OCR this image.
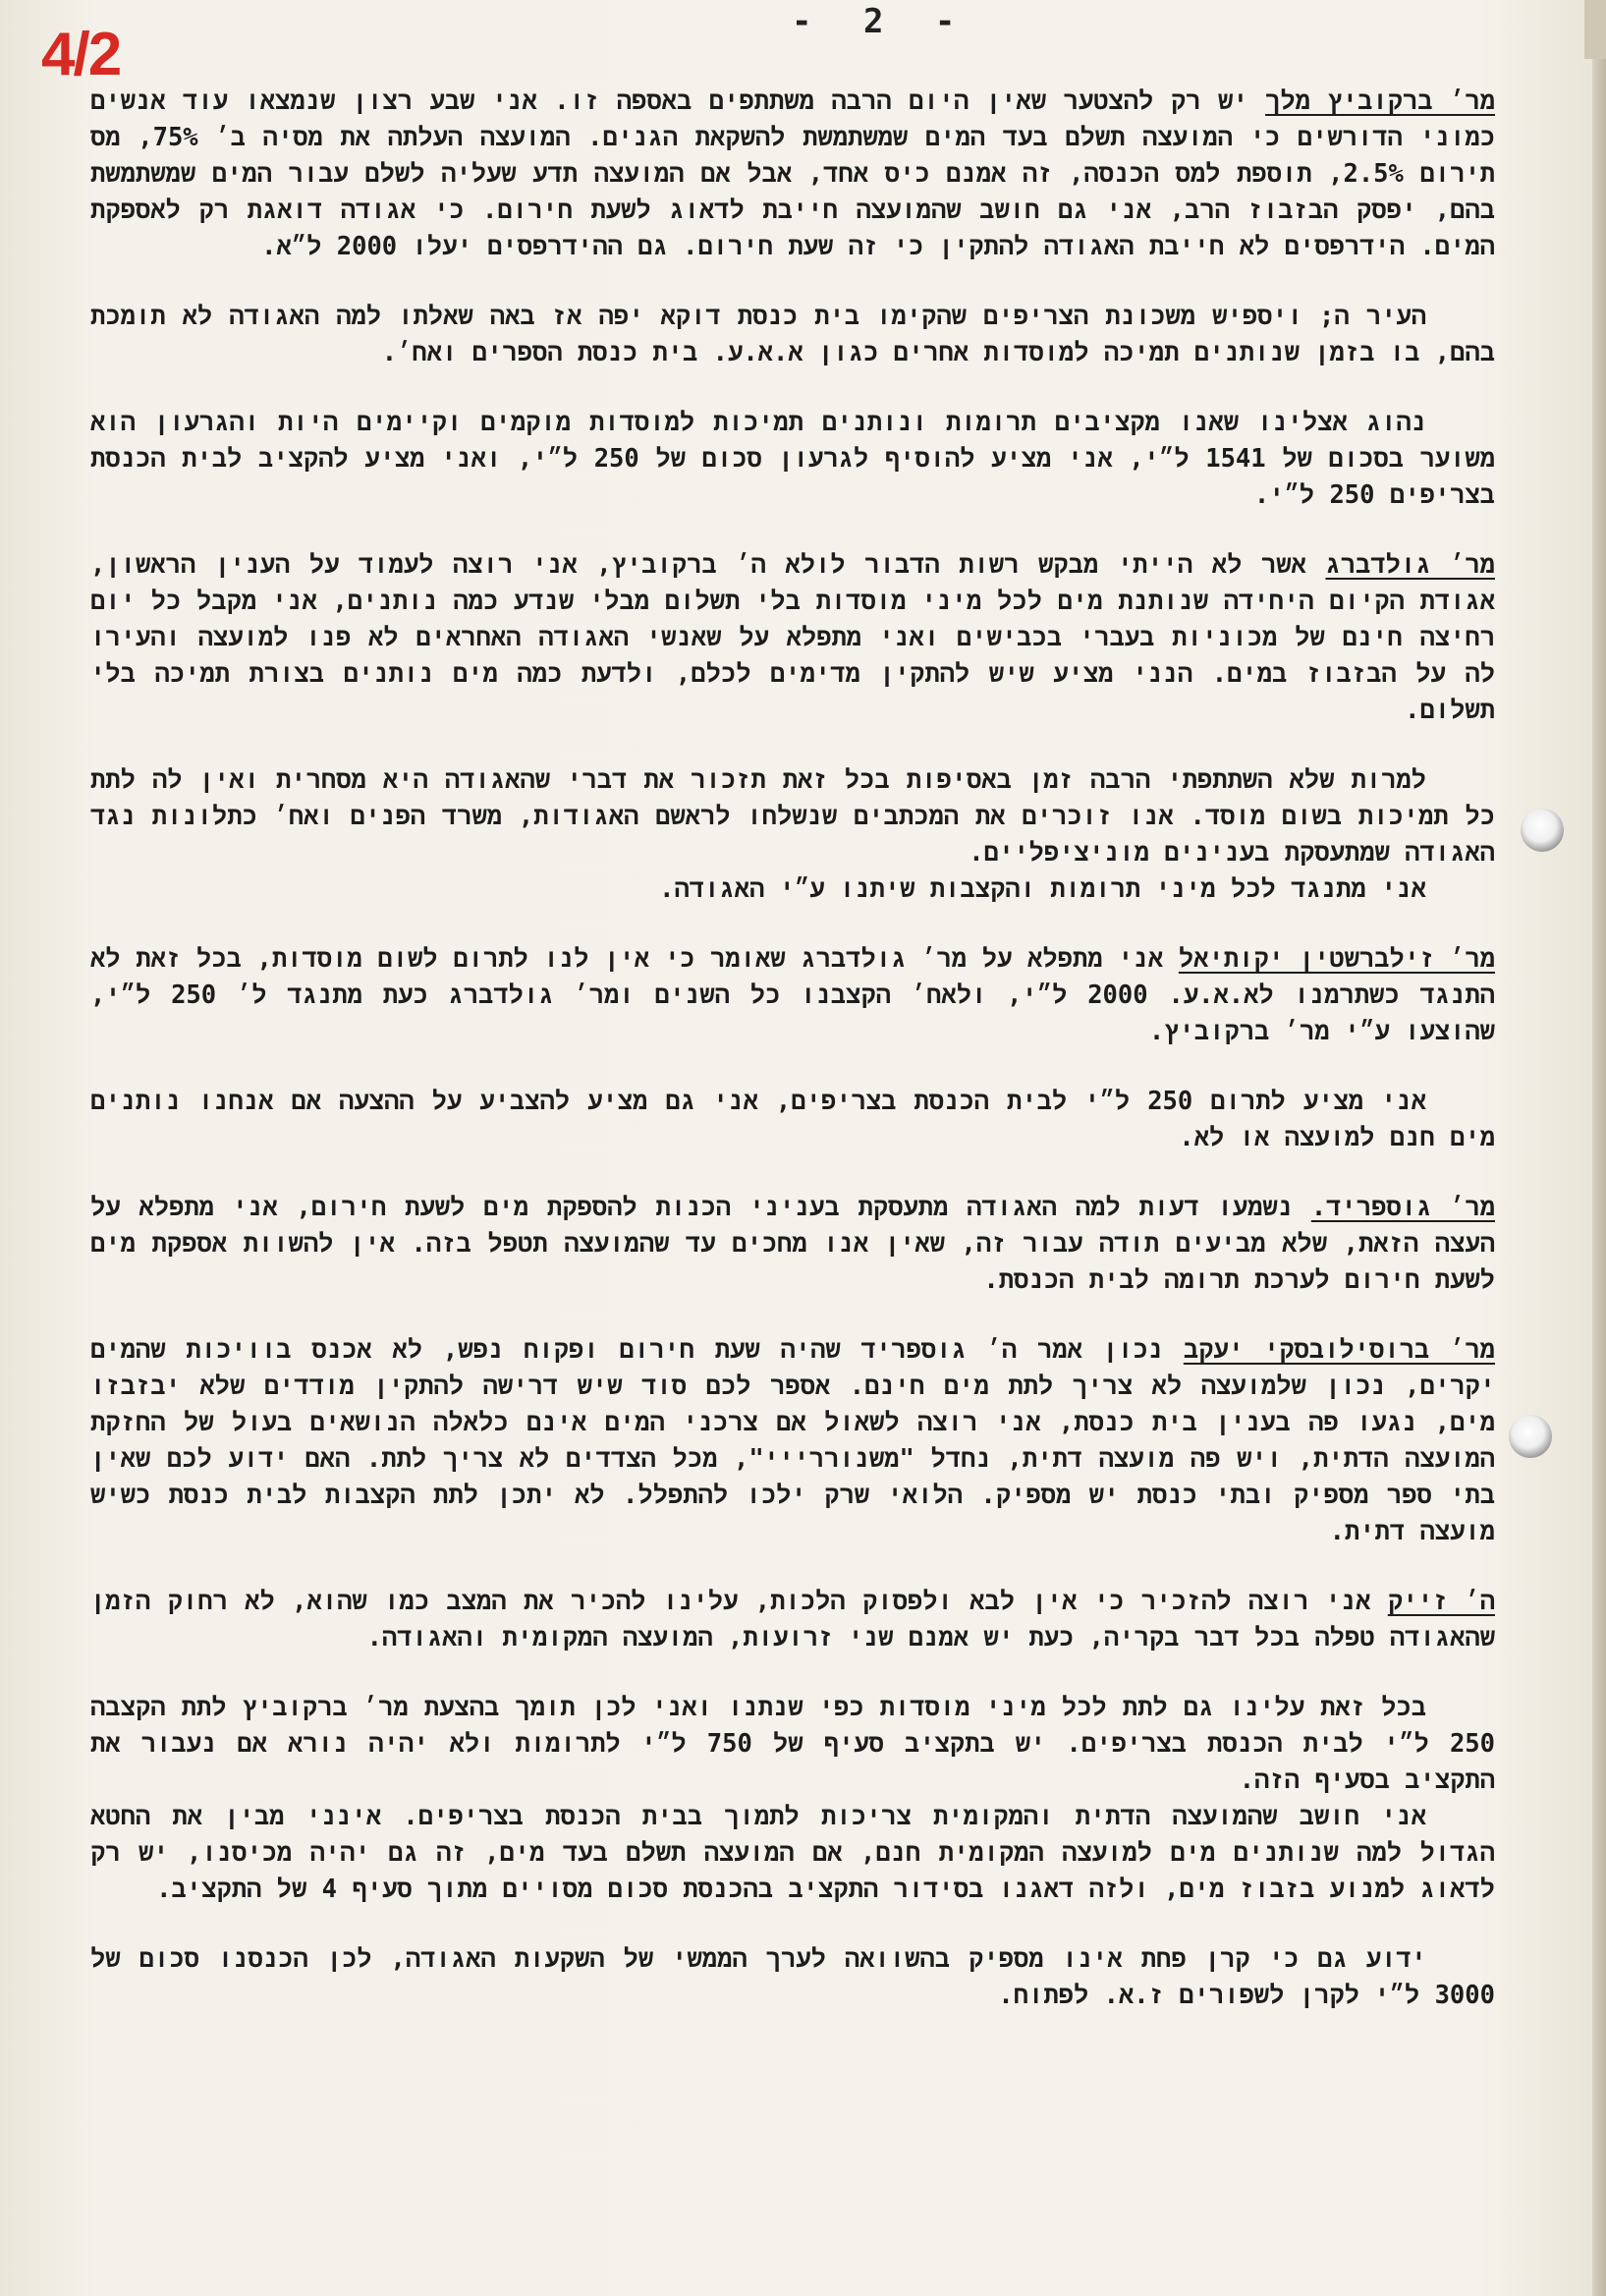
4/2	- 2 -

מר׳ ברקוביץ מלך יש רק להצטער שאין היום הרבה משתתפים באספה זו. אני שבע רצון שנמצאו עוד אנשים כמוני הדורשים כי המועצה תשלם בעד המים שמשתמשת להשקאת הגנים. המועצה העלתה את מסיה ב׳ 75%, מס תירום 2.5%, תוספת למס הכנסה, זה אמנם כיס אחד, אבל אם המועצה תדע שעליה לשלם עבור המים שמשתמשת בהם, יפסק הבזבוז הרב, אני גם חושב שהמועצה חייבת לדאוג לשעת חירום. כי אגודה דואגת רק לאספקת המים. הידרפסים לא חייבת האגודה להתקין כי זה שעת חירום. גם ההידרפסים יעלו 2000 ל״א.

העיר ה; ויספיש משכונת הצריפים שהקימו בית כנסת דוקא יפה אז באה שאלתו למה האגודה לא תומכת בהם, בו בזמן שנותנים תמיכה למוסדות אחרים כגון א.א.ע. בית כנסת הספרים ואח׳.

נהוג אצלינו שאנו מקציבים תרומות ונותנים תמיכות למוסדות מוקמים וקיימים היות והגרעון הוא משוער בסכום של 1541 ל״י, אני מציע להוסיף לגרעון סכום של 250 ל״י, ואני מציע להקציב לבית הכנסת בצריפים 250 ל״י.

מר׳ גולדברג אשר לא הייתי מבקש רשות הדבור לולא ה׳ ברקוביץ, אני רוצה לעמוד על הענין הראשון, אגודת הקיום היחידה שנותנת מים לכל מיני מוסדות בלי תשלום מבלי שנדע כמה נותנים, אני מקבל כל יום רחיצה חינם של מכוניות בעברי בכבישים ואני מתפלא על שאנשי האגודה האחראים לא פנו למועצה והעירו לה על הבזבוז במים. הנני מציע שיש להתקין מדימים לכלם, ולדעת כמה מים נותנים בצורת תמיכה בלי תשלום.

למרות שלא השתתפתי הרבה זמן באסיפות בכל זאת תזכור את דברי שהאגודה היא מסחרית ואין לה לתת כל תמיכות בשום מוסד. אנו זוכרים את המכתבים שנשלחו לראשם האגודות, משרד הפנים ואח׳ כתלונות נגד האגודה שמתעסקת בענינים מוניציפליים.

אני מתנגד לכל מיני תרומות והקצבות שיתנו ע״י האגודה.

מר׳ זילברשטין יקותיאל אני מתפלא על מר׳ גולדברג שאומר כי אין לנו לתרום לשום מוסדות, בכל זאת לא התנגד כשתרמנו לא.א.ע. 2000 ל״י, ולאח׳ הקצבנו כל השנים ומר׳ גולדברג כעת מתנגד ל׳ 250 ל״י, שהוצעו ע״י מר׳ ברקוביץ.

אני מציע לתרום 250 ל״י לבית הכנסת בצריפים, אני גם מציע להצביע על ההצעה אם אנחנו נותנים מים חנם למועצה או לא.

מר׳ גוספריד. נשמעו דעות למה האגודה מתעסקת בעניני הכנות להספקת מים לשעת חירום, אני מתפלא על העצה הזאת, שלא מביעים תודה עבור זה, שאין אנו מחכים עד שהמועצה תטפל בזה. אין להשוות אספקת מים לשעת חירום לערכת תרומה לבית הכנסת.

מר׳ ברוסילובסקי יעקב נכון אמר ה׳ גוספריד שהיה שעת חירום ופקוח נפש, לא אכנס בוויכות שהמים יקרים, נכון שלמועצה לא צריך לתת מים חינם. אספר לכם סוד שיש דרישה להתקין מודדים שלא יבזבזו מים, נגעו פה בענין בית כנסת, אני רוצה לשאול אם צרכני המים אינם כלאלה הנושאים בעול של החזקת המועצה הדתית, ויש פה מועצה דתית, נחדל "משנוררייי", מכל הצדדים לא צריך לתת. האם ידוע לכם שאין בתי ספר מספיק ובתי כנסת יש מספיק. הלואי שרק ילכו להתפלל. לא יתכן לתת הקצבות לבית כנסת כשיש מועצה דתית.

ה׳ זייק אני רוצה להזכיר כי אין לבא ולפסוק הלכות, עלינו להכיר את המצב כמו שהוא, לא רחוק הזמן שהאגודה טפלה בכל דבר בקריה, כעת יש אמנם שני זרועות, המועצה המקומית והאגודה.

בכל זאת עלינו גם לתת לכל מיני מוסדות כפי שנתנו ואני לכן תומך בהצעת מר׳ ברקוביץ לתת הקצבה 250 ל״י לבית הכנסת בצריפים. יש בתקציב סעיף של 750 ל״י לתרומות ולא יהיה נורא אם נעבור את התקציב בסעיף הזה.

אני חושב שהמועצה הדתית והמקומית צריכות לתמוך בבית הכנסת בצריפים. אינני מבין את החטא הגדול למה שנותנים מים למועצה המקומית חנם, אם המועצה תשלם בעד מים, זה גם יהיה מכיסנו, יש רק לדאוג למנוע בזבוז מים, ולזה דאגנו בסידור התקציב בהכנסת סכום מסויים מתוך סעיף 4 של התקציב.

ידוע גם כי קרן פחת אינו מספיק בהשוואה לערך הממשי של השקעות האגודה, לכן הכנסנו סכום של 3000 ל״י לקרן לשפורים ז.א. לפתוח.
